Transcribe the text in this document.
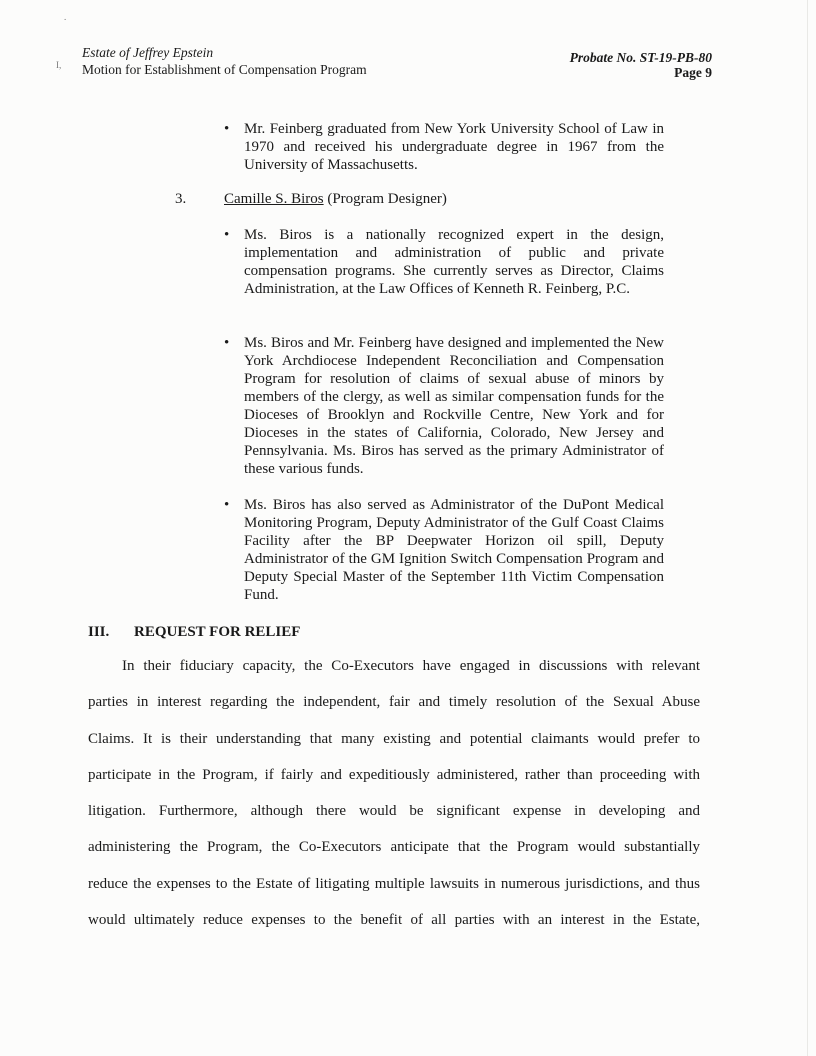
.
I,
Estate of Jeffrey Epstein
Motion for Establishment of Compensation Program
Probate No. ST-19-PB-80
Page 9
• Mr. Feinberg graduated from New York University School of Law in 1970 and received his undergraduate degree in 1967 from the University of Massachusetts.
3.	Camille S. Biros (Program Designer)
• Ms. Biros is a nationally recognized expert in the design, implementation and administration of public and private compensation programs. She currently serves as Director, Claims Administration, at the Law Offices of Kenneth R. Feinberg, P.C.
• Ms. Biros and Mr. Feinberg have designed and implemented the New York Archdiocese Independent Reconciliation and Compensation Program for resolution of claims of sexual abuse of minors by members of the clergy, as well as similar compensation funds for the Dioceses of Brooklyn and Rockville Centre, New York and for Dioceses in the states of California, Colorado, New Jersey and Pennsylvania. Ms. Biros has served as the primary Administrator of these various funds.
• Ms. Biros has also served as Administrator of the DuPont Medical Monitoring Program, Deputy Administrator of the Gulf Coast Claims Facility after the BP Deepwater Horizon oil spill, Deputy Administrator of the GM Ignition Switch Compensation Program and Deputy Special Master of the September 11th Victim Compensation Fund.
III. REQUEST FOR RELIEF
In their fiduciary capacity, the Co-Executors have engaged in discussions with relevant
parties in interest regarding the independent, fair and timely resolution of the Sexual Abuse
Claims. It is their understanding that many existing and potential claimants would prefer to
participate in the Program, if fairly and expeditiously administered, rather than proceeding with
litigation. Furthermore, although there would be significant expense in developing and
administering the Program, the Co-Executors anticipate that the Program would substantially
reduce the expenses to the Estate of litigating multiple lawsuits in numerous jurisdictions, and thus
would ultimately reduce expenses to the benefit of all parties with an interest in the Estate,
